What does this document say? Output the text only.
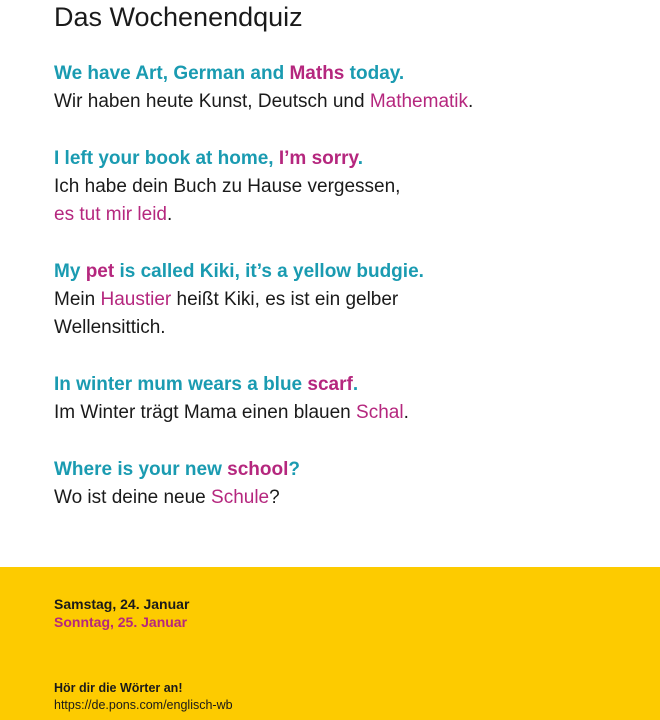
Das Wochenendquiz

We have Art, German and Maths today.

Wir haben heute Kunst, Deutsch und Mathematik.

I left your book at home, I’m sorry.

Ich habe dein Buch zu Hause vergessen,
es tut mir leid.

My pet is called Kiki, it’s a yellow budgie.

Mein Haustier heißt Kiki, es ist ein gelber
Wellensittich.

In winter mum wears a blue scarf.

Im Winter trägt Mama einen blauen Schal.

Where is your new school?

Wo ist deine neue Schule?

Samstag, 24. Januar

Sonntag, 25. Januar

Hör dir die Wörter an!

https://de.pons.com/englisch-wb
